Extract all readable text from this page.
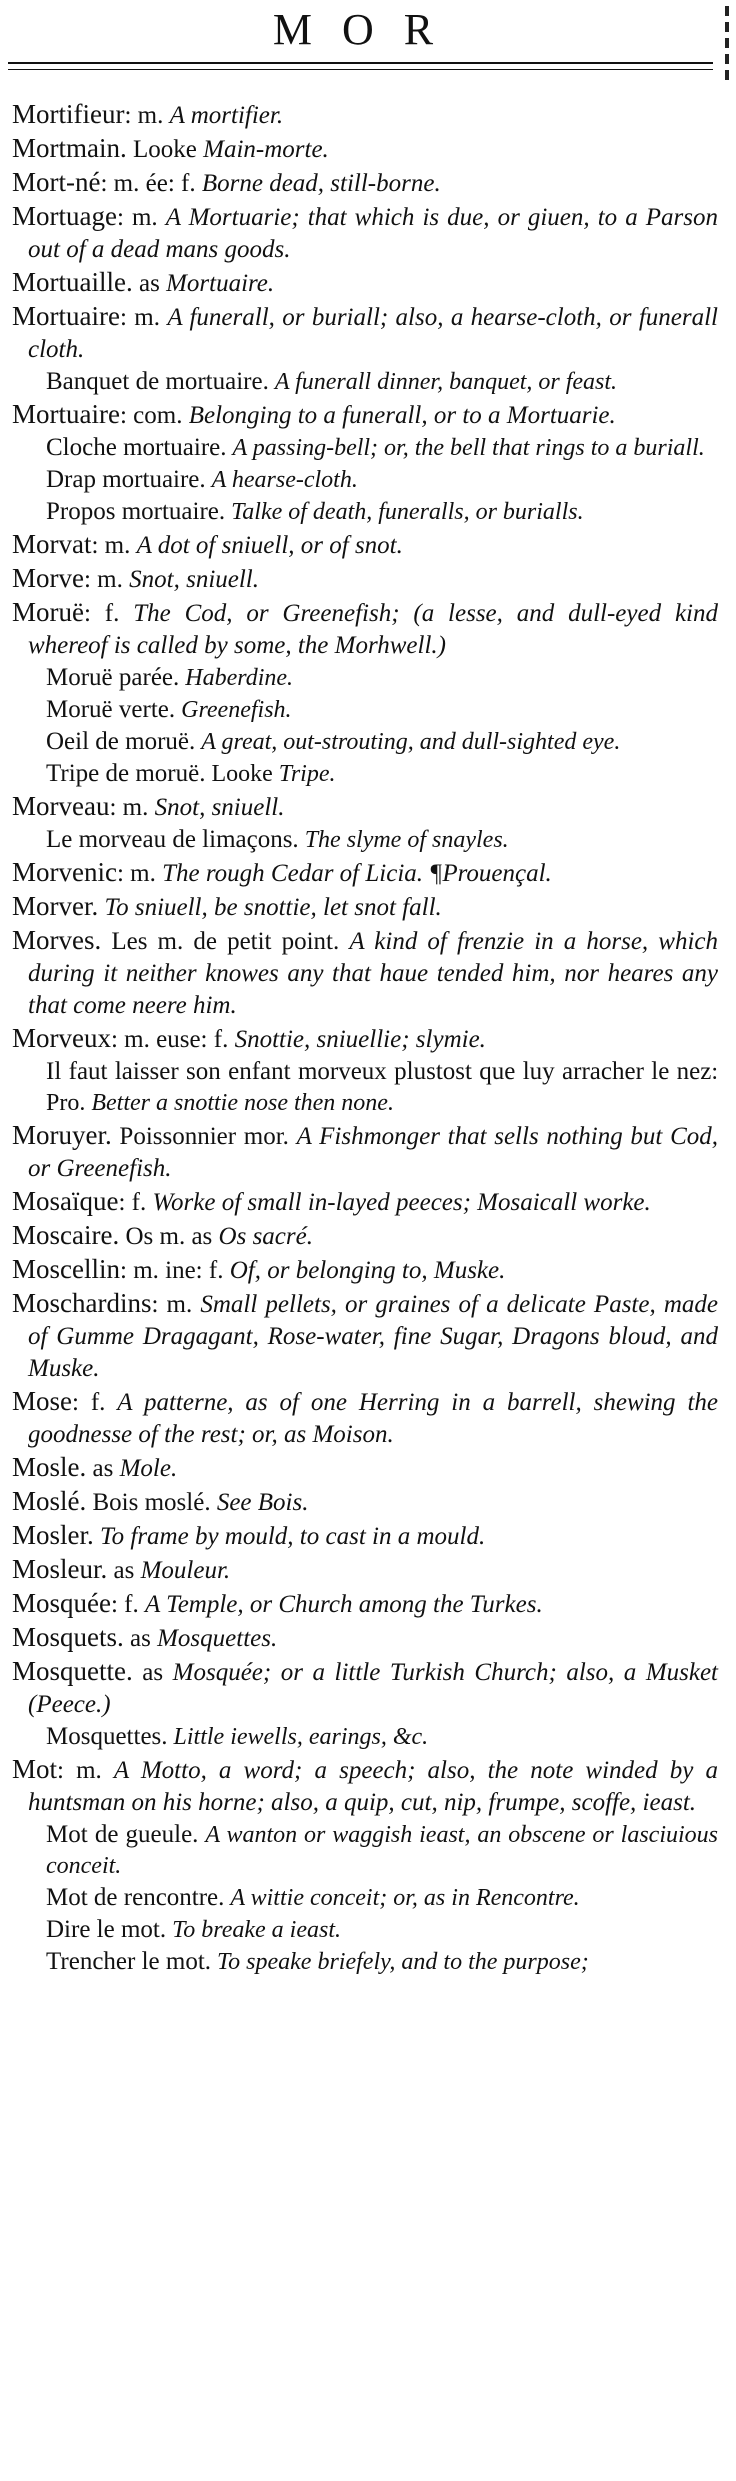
MOR

Mortifieur: m. A mortifier.

Mortmain. Looke Main-morte.

Mort-né: m. ée: f. Borne dead, still-borne.

Mortuage: m. A Mortuarie; that which is due, or giuen, to a Parson out of a dead mans goods.

Mortuaille. as Mortuaire.

Mortuaire: m. A funerall, or buriall; also, a hearse-cloth, or funerall cloth.

Banquet de mortuaire. A funerall dinner, banquet, or feast.

Mortuaire: com. Belonging to a funerall, or to a Mortuarie.

Cloche mortuaire. A passing-bell; or, the bell that rings to a buriall.

Drap mortuaire. A hearse-cloth.

Propos mortuaire. Talke of death, funeralls, or burialls.

Morvat: m. A dot of sniuell, or of snot.

Morve: m. Snot, sniuell.

Moruë: f. The Cod, or Greenefish; (a lesse, and dull-eyed kind whereof is called by some, the Morhwell.)

Moruë parée. Haberdine.

Moruë verte. Greenefish.

Oeil de moruë. A great, out-strouting, and dull-sighted eye.

Tripe de moruë. Looke Tripe.

Morveau: m. Snot, sniuell.

Le morveau de limaçons. The slyme of snayles.

Morvenic: m. The rough Cedar of Licia. ¶Prouençal.

Morver. To sniuell, be snottie, let snot fall.

Morves. Les m. de petit point. A kind of frenzie in a horse, which during it neither knowes any that haue tended him, nor heares any that come neere him.

Morveux: m. euse: f. Snottie, sniuellie; slymie.

Il faut laisser son enfant morveux plustost que luy arracher le nez: Pro. Better a snottie nose then none.

Moruyer. Poissonnier mor. A Fishmonger that sells nothing but Cod, or Greenefish.

Mosaïque: f. Worke of small in-layed peeces; Mosaicall worke.

Moscaire. Os m. as Os sacré.

Moscellin: m. ine: f. Of, or belonging to, Muske.

Moschardins: m. Small pellets, or graines of a delicate Paste, made of Gumme Dragagant, Rose-water, fine Sugar, Dragons bloud, and Muske.

Mose: f. A patterne, as of one Herring in a barrell, shewing the goodnesse of the rest; or, as Moison.

Mosle. as Mole.

Moslé. Bois moslé. See Bois.

Mosler. To frame by mould, to cast in a mould.

Mosleur. as Mouleur.

Mosquée: f. A Temple, or Church among the Turkes.

Mosquets. as Mosquettes.

Mosquette. as Mosquée; or a little Turkish Church; also, a Musket (Peece.)

Mosquettes. Little iewells, earings, &c.

Mot: m. A Motto, a word; a speech; also, the note winded by a huntsman on his horne; also, a quip, cut, nip, frumpe, scoffe, ieast.

Mot de gueule. A wanton or waggish ieast, an obscene or lasciuious conceit.

Mot de rencontre. A wittie conceit; or, as in Rencontre.

Dire le mot. To breake a ieast.

Trencher le mot. To speake briefely, and to the purpose;
